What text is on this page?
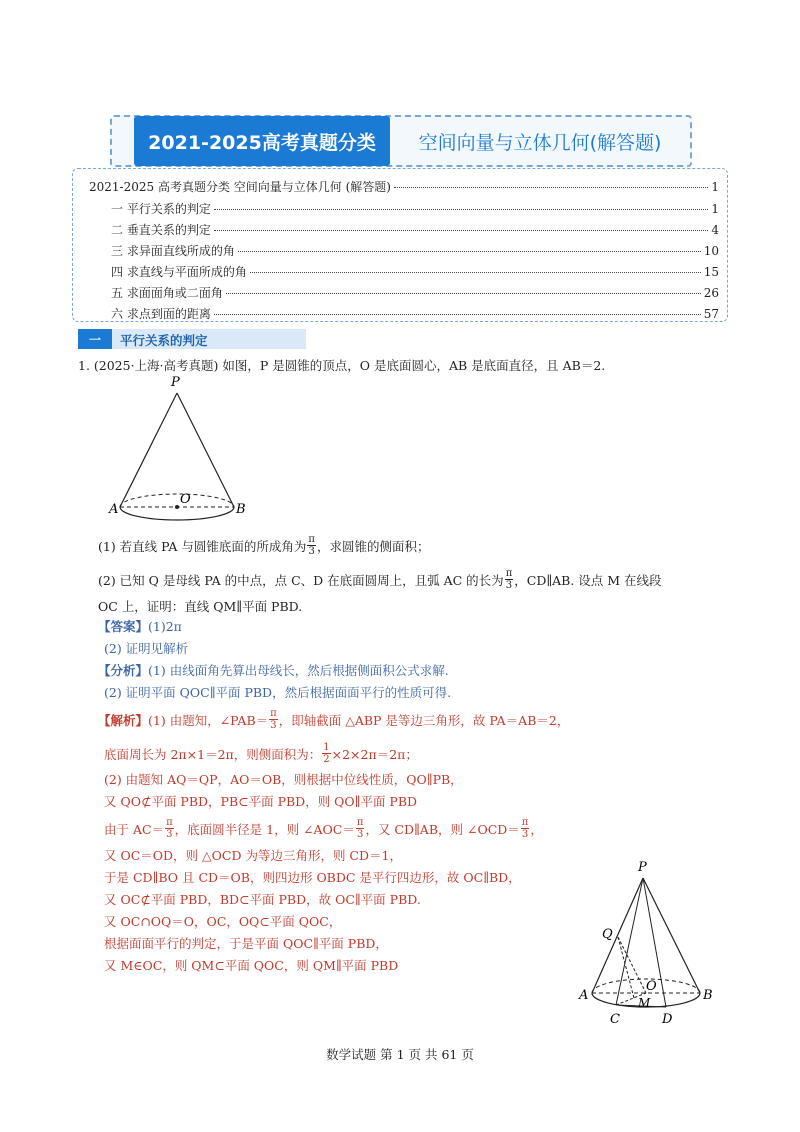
2021-2025高考真题分类	空间向量与立体几何(解答题)
2021-2025 高考真题分类 空间向量与立体几何 (解答题)	1
一 平行关系的判定	1
二 垂直关系的判定	4
三 求异面直线所成的角	10
四 求直线与平面所成的角	15
五 求面面角或二面角	26
六 求点到面的距离	57
一	平行关系的判定
1. (2025·上海·高考真题) 如图，P 是圆锥的顶点，O 是底面圆心，AB 是底面直径，且 AB＝2.
P
O
A	B
(1) 若直线 PA 与圆锥底面的所成角为 $\frac{\pi}{3}$ ，求圆锥的侧面积；
(2) 已知 Q 是母线 PA 的中点，点 C、D 在底面圆周上，且弧 AC 的长为 $\frac{\pi}{3}$ ，CD∥AB. 设点 M 在线段
OC 上，证明：直线 QM∥平面 PBD.
【答案】(1)2π
(2) 证明见解析
【分析】(1) 由线面角先算出母线长，然后根据侧面积公式求解.
(2) 证明平面 QOC∥平面 PBD，然后根据面面平行的性质可得.
【解析】 (1) 由题知，∠PAB＝ $\frac{\pi}{3}$ ，即轴截面 △ABP 是等边三角形，故 PA＝AB＝2，
底面周长为 2π×1＝2π，则侧面积为： $\frac{1}{2} \times 2\times 2\pi=2\pi$；
(2) 由题知 AQ＝QP，AO＝OB，则根据中位线性质，QO∥PB，
又 QO⊄平面 PBD，PB⊂平面 PBD，则 QO∥平面 PBD
由于 $AC= \frac{\pi}{3}$ ，底面圆半径是 1，则 ∠AOC＝ $\frac{\pi}{3}$ ，又 CD∥AB，则 ∠OCD＝ $\frac{\pi}{3}$ ，
又 OC＝OD，则 △OCD 为等边三角形，则 CD＝1，
于是 CD∥BO 且 CD＝OB，则四边形 OBDC 是平行四边形，故 OC∥BD，
又 OC⊄平面 PBD，BD⊂平面 PBD，故 OC∥平面 PBD.
又 OC∩OQ＝O，OC，OQ⊂平面 QOC，
根据面面平行的判定，于是平面 QOC∥平面 PBD，
又 M∈OC，则 QM⊂平面 QOC，则 QM∥平面 PBD
P
Q
O
A	B
M
C	D
数学试题 第 1 页 共 61 页
